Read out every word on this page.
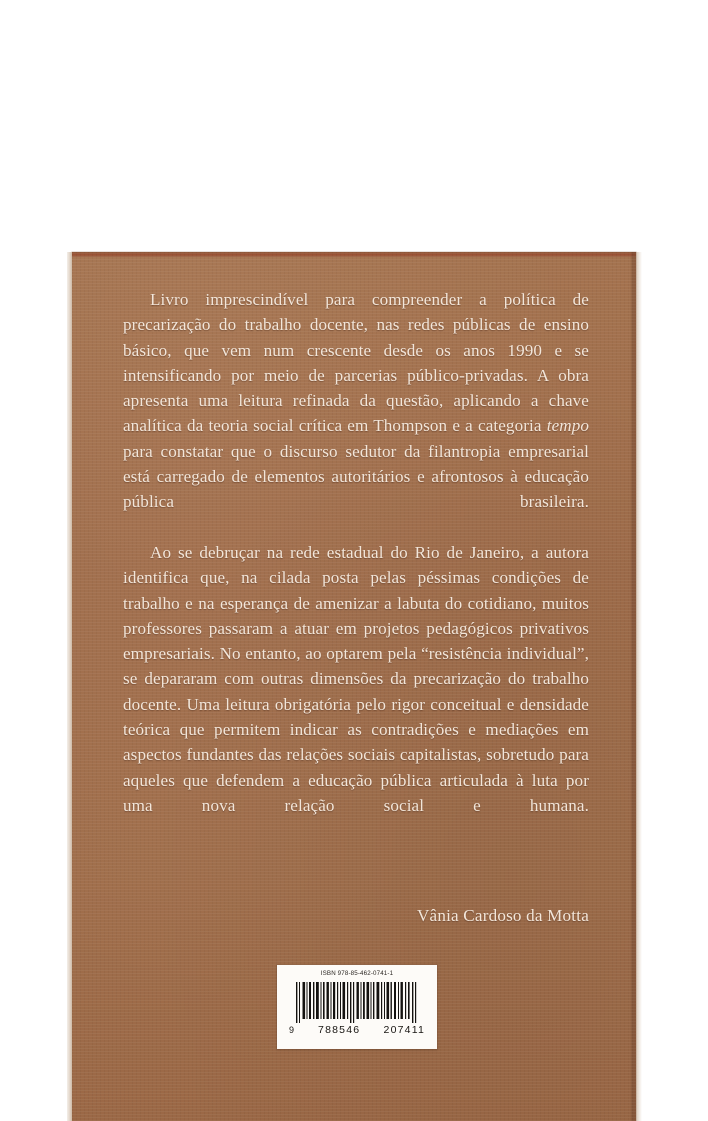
Livro imprescindível para compreender a política de precarização do trabalho docente, nas redes públicas de ensino básico, que vem num crescente desde os anos 1990 e se intensificando por meio de parcerias público-privadas. A obra apresenta uma leitura refinada da questão, aplicando a chave analítica da teoria social crítica em Thompson e a categoria tempo para constatar que o discurso sedutor da filantropia empresarial está carregado de elementos autoritários e afrontosos à educação pública brasileira.

Ao se debruçar na rede estadual do Rio de Janeiro, a autora identifica que, na cilada posta pelas péssimas condições de trabalho e na esperança de amenizar a labuta do cotidiano, muitos professores passaram a atuar em projetos pedagógicos privativos empresariais. No entanto, ao optarem pela “resistência individual”, se depararam com outras dimensões da precarização do trabalho docente. Uma leitura obrigatória pelo rigor conceitual e densidade teórica que permitem indicar as contradições e mediações em aspectos fundantes das relações sociais capitalistas, sobretudo para aqueles que defendem a educação pública articulada à luta por uma nova relação social e humana.

Vânia Cardoso da Motta
ISBN 978-85-462-0741-1
9 788546 207411
